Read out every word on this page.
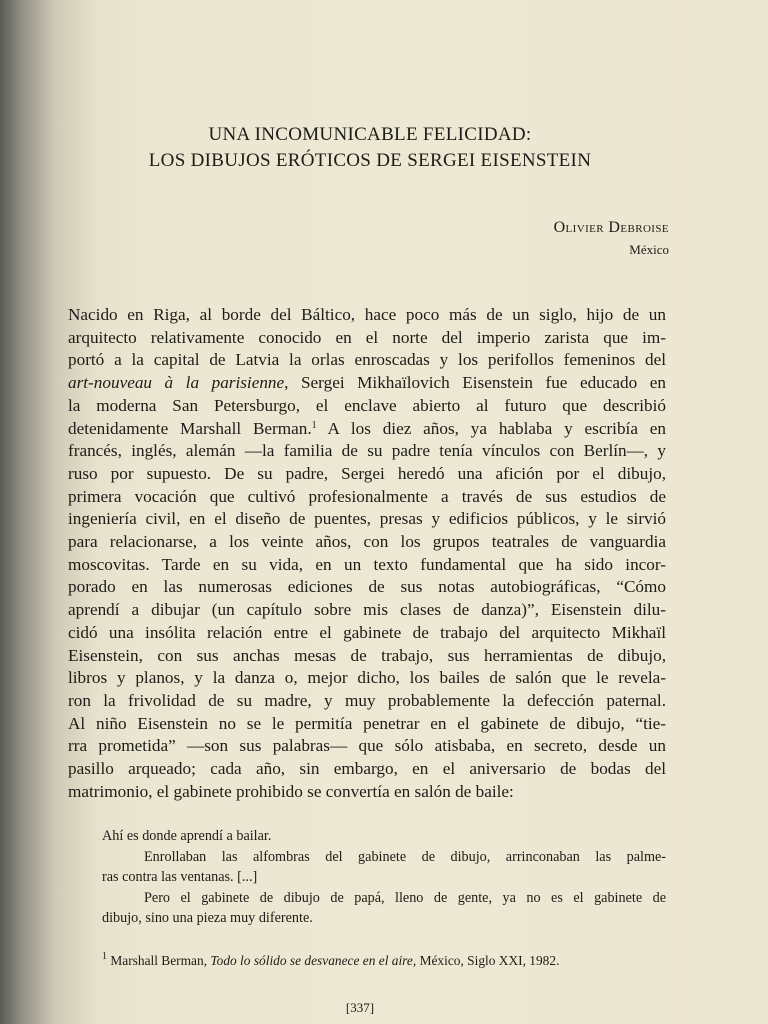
UNA INCOMUNICABLE FELICIDAD:
LOS DIBUJOS ERÓTICOS DE SERGEI EISENSTEIN
Olivier Debroise
México
Nacido en Riga, al borde del Báltico, hace poco más de un siglo, hijo de un
arquitecto relativamente conocido en el norte del imperio zarista que im-
portó a la capital de Latvia la orlas enroscadas y los perifollos femeninos del
art-nouveau à la parisienne, Sergei Mikhaïlovich Eisenstein fue educado en
la moderna San Petersburgo, el enclave abierto al futuro que describió
detenidamente Marshall Berman.$^1$ A los diez años, ya hablaba y escribía en
francés, inglés, alemán —la familia de su padre tenía vínculos con Berlín—, y
ruso por supuesto. De su padre, Sergei heredó una afición por el dibujo,
primera vocación que cultivó profesionalmente a través de sus estudios de
ingeniería civil, en el diseño de puentes, presas y edificios públicos, y le sirvió
para relacionarse, a los veinte años, con los grupos teatrales de vanguardia
moscovitas. Tarde en su vida, en un texto fundamental que ha sido incor-
porado en las numerosas ediciones de sus notas autobiográficas, “Cómo
aprendí a dibujar (un capítulo sobre mis clases de danza)”, Eisenstein dilu-
cidó una insólita relación entre el gabinete de trabajo del arquitecto Mikhaïl
Eisenstein, con sus anchas mesas de trabajo, sus herramientas de dibujo,
libros y planos, y la danza o, mejor dicho, los bailes de salón que le revela-
ron la frivolidad de su madre, y muy probablemente la defección paternal.
Al niño Eisenstein no se le permitía penetrar en el gabinete de dibujo, “tie-
rra prometida” —son sus palabras— que sólo atisbaba, en secreto, desde un
pasillo arqueado; cada año, sin embargo, en el aniversario de bodas del
matrimonio, el gabinete prohibido se convertía en salón de baile:
Ahí es donde aprendí a bailar.
Enrollaban las alfombras del gabinete de dibujo, arrinconaban las palme-
ras contra las ventanas. [...]
Pero el gabinete de dibujo de papá, lleno de gente, ya no es el gabinete de
dibujo, sino una pieza muy diferente.
$^1$ Marshall Berman, Todo lo sólido se desvanece en el aire, México, Siglo XXI, 1982.
[337]
